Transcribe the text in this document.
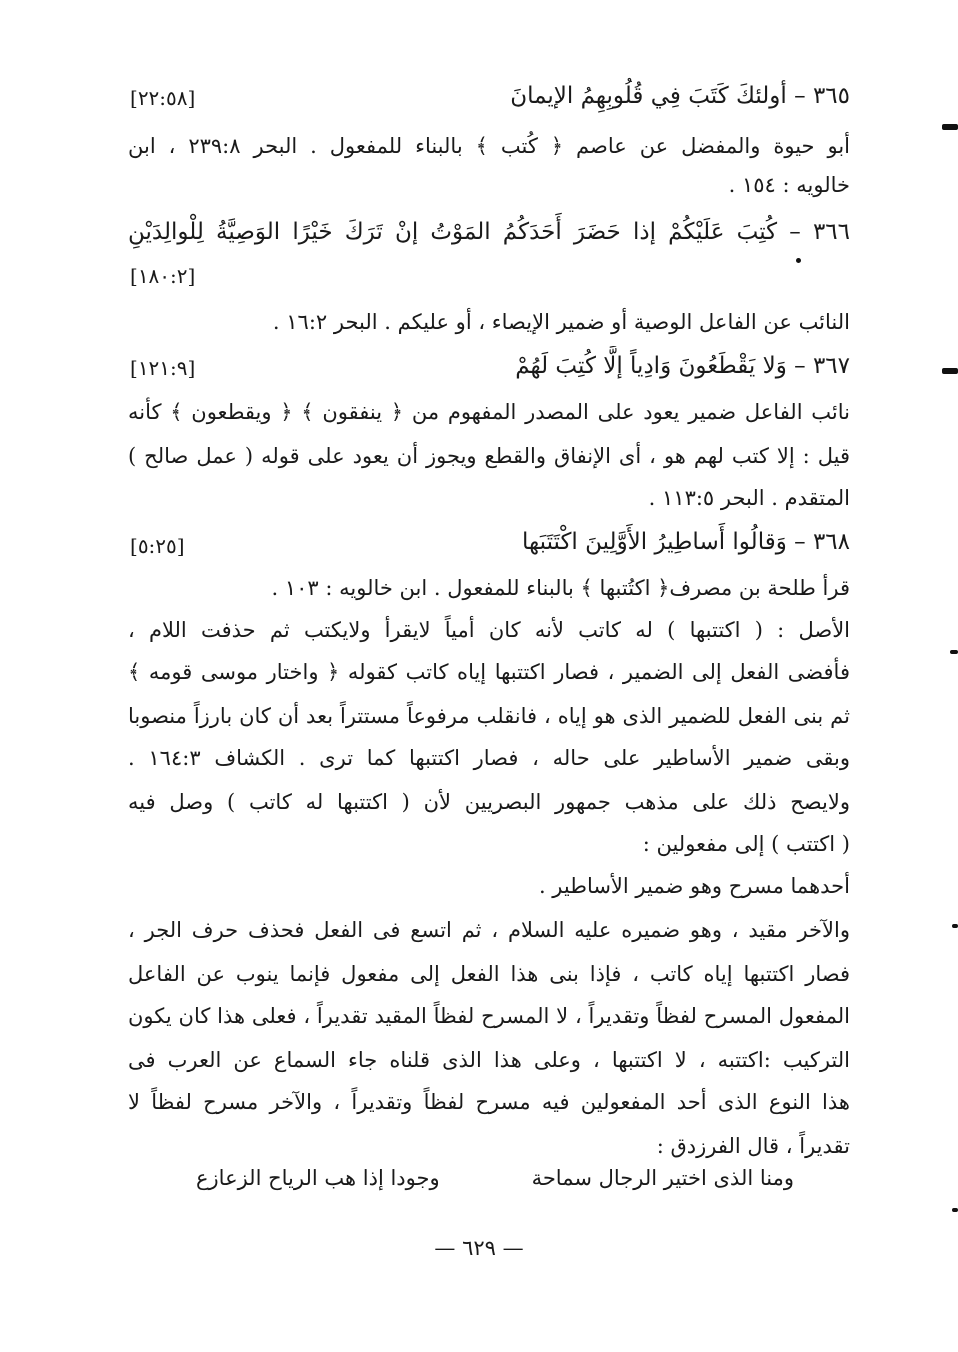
٣٦٥ – أولئكَ كَتَبَ فِي قُلُوبِهِمُ الإيمانَ
[٢٢:٥٨]
أبو حيوة والمفضل عن عاصم ﴿ كُتب ﴾ بالبناء للمفعول . البحر ٢٣٩:٨ ، ابن
خالويه : ١٥٤ .
٣٦٦ – كُتِبَ عَلَيْكُمْ إذا حَضَرَ أَحَدَكُمُ المَوْتُ إنْ تَرَكَ خَيْرًا الوَصِيَّةُ لِلْوالِدَيْنِ
[١٨٠:٢]
النائب عن الفاعل الوصية أو ضمير الإيصاء ، أو عليكم . البحر ١٦:٢ .
٣٦٧ – وَلا يَقْطَعُونَ وَادِياً إلَّا كُتِبَ لَهُمْ
[١٢١:٩]
نائب الفاعل ضمير يعود على المصدر المفهوم من ﴿ ينفقون ﴾ ﴿ ويقطعون ﴾ كأنه
قيل : إلا كتب لهم هو ، أى الإنفاق والقطع ويجوز أن يعود على قوله ( عمل صالح )
المتقدم . البحر ١١٣:٥ .
٣٦٨ – وَقالُوا أَساطِيرُ الأَوَّلِينَ اكْتَتَبَها
[٥:٢٥]
قرأ طلحة بن مصرف﴿ اكتُتبها ﴾ بالبناء للمفعول . ابن خالويه : ١٠٣ .
الأصل : ( اكتتبها ) له كاتب لأنه كان أمياً لايقرأ ولايكتب ثم حذفت اللام ،
فأفضى الفعل إلى الضمير ، فصار اكتتبها إياه كاتب كقوله ﴿ واختار موسى قومه ﴾
ثم بنى الفعل للضمير الذى هو إياه ، فانقلب مرفوعاً مستتراً بعد أن كان بارزاً منصوبا
وبقى ضمير الأساطير على حاله ، فصار اكتتبها كما ترى . الكشاف ١٦٤:٣ .
ولايصح ذلك على مذهب جمهور البصريين لأن ( اكتتبها له كاتب ) وصل فيه
( اكتتب ) إلى مفعولين :
أحدهما مسرح وهو ضمير الأساطير .
والآخر مقيد ، وهو ضميره عليه السلام ، ثم اتسع فى الفعل فحذف حرف الجر ،
فصار اكتتبها إياه كاتب ، فإذا بنى هذا الفعل إلى مفعول فإنما ينوب عن الفاعل
المفعول المسرح لفظاً وتقديراً ، لا المسرح لفظاً المقيد تقديراً ، فعلى هذا كان يكون
التركيب :اكتتبه ، لا اكتتبها ، وعلى هذا الذى قلناه جاء السماع عن العرب فى
هذا النوع الذى أحد المفعولين فيه مسرح لفظاً وتقديراً ، والآخر مسرح لفظاً لا
تقديراً ، قال الفرزدق :
ومنا الذى اختير الرجال سماحة
وجودا إذا هب الرياح الزعازع
— ٦٢٩ —
